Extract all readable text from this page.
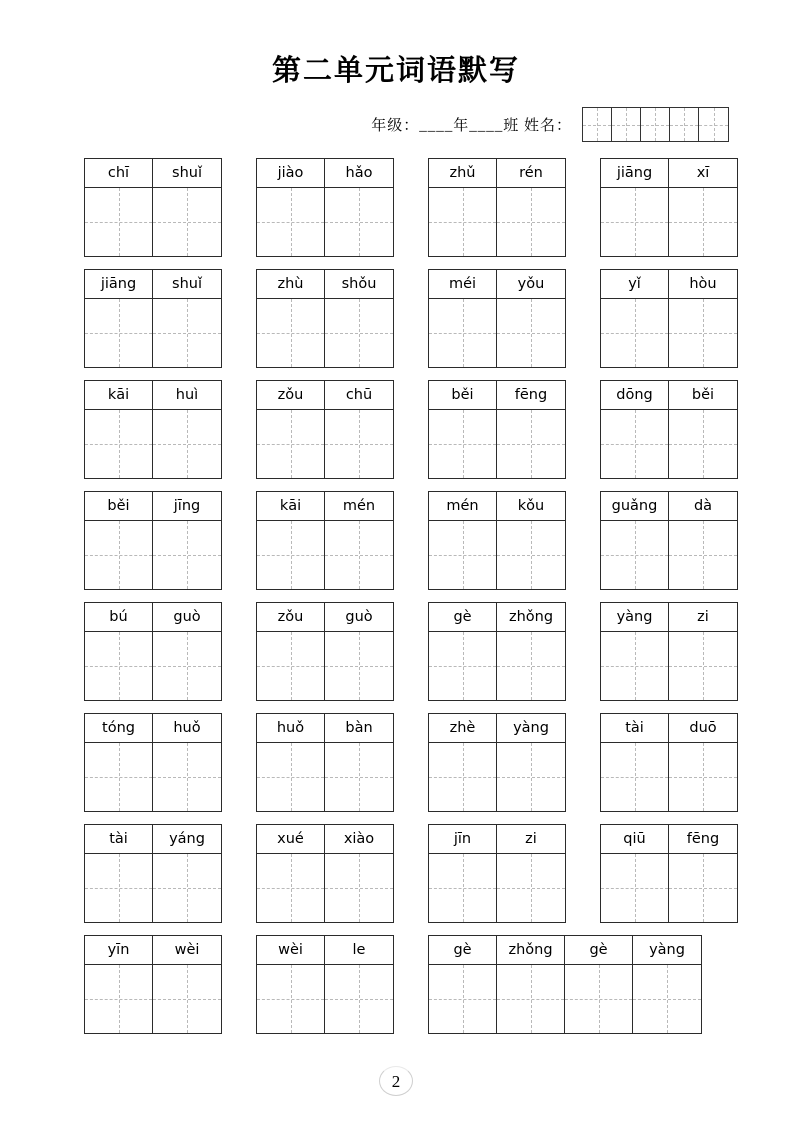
第二单元词语默写
年级：____年____班 姓名：
chī	shuǐ	jiào	hǎo	zhǔ	rén	jiāng	xī
jiāng	shuǐ	zhù	shǒu	méi	yǒu	yǐ	hòu
kāi	huì	zǒu	chū	běi	fēng	dōng	běi
běi	jīng	kāi	mén	mén	kǒu	guǎng	dà
bú	guò	zǒu	guò	gè	zhǒng	yàng	zi
tóng	huǒ	huǒ	bàn	zhè	yàng	tài	duō
tài	yáng	xué	xiào	jīn	zi	qiū	fēng
yīn	wèi	wèi	le	gè	zhǒng	gè	yàng
2
